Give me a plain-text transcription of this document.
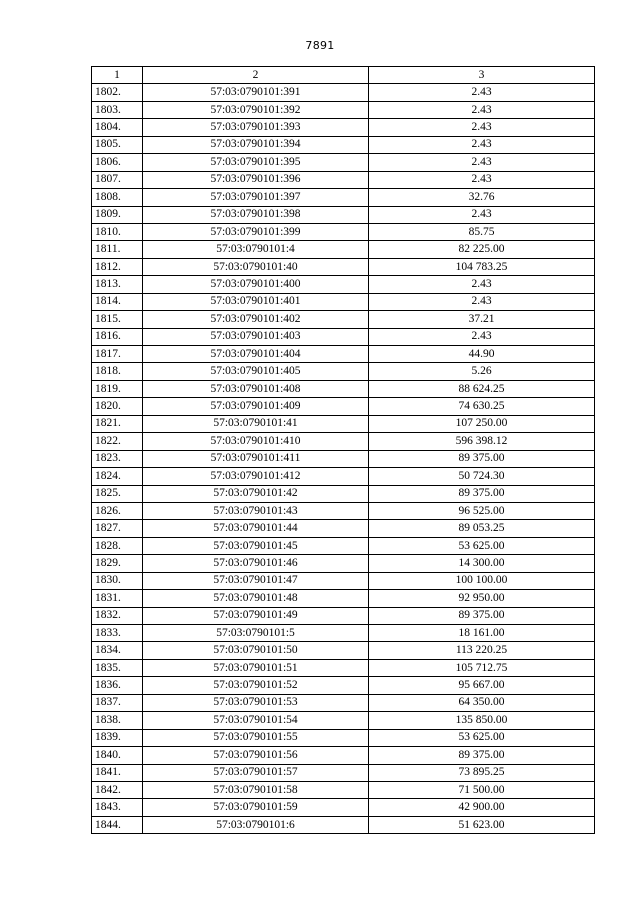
7891
1	2	3
1802.	57:03:0790101:391	2.43
1803.	57:03:0790101:392	2.43
1804.	57:03:0790101:393	2.43
1805.	57:03:0790101:394	2.43
1806.	57:03:0790101:395	2.43
1807.	57:03:0790101:396	2.43
1808.	57:03:0790101:397	32.76
1809.	57:03:0790101:398	2.43
1810.	57:03:0790101:399	85.75
1811.	57:03:0790101:4	82 225.00
1812.	57:03:0790101:40	104 783.25
1813.	57:03:0790101:400	2.43
1814.	57:03:0790101:401	2.43
1815.	57:03:0790101:402	37.21
1816.	57:03:0790101:403	2.43
1817.	57:03:0790101:404	44.90
1818.	57:03:0790101:405	5.26
1819.	57:03:0790101:408	88 624.25
1820.	57:03:0790101:409	74 630.25
1821.	57:03:0790101:41	107 250.00
1822.	57:03:0790101:410	596 398.12
1823.	57:03:0790101:411	89 375.00
1824.	57:03:0790101:412	50 724.30
1825.	57:03:0790101:42	89 375.00
1826.	57:03:0790101:43	96 525.00
1827.	57:03:0790101:44	89 053.25
1828.	57:03:0790101:45	53 625.00
1829.	57:03:0790101:46	14 300.00
1830.	57:03:0790101:47	100 100.00
1831.	57:03:0790101:48	92 950.00
1832.	57:03:0790101:49	89 375.00
1833.	57:03:0790101:5	18 161.00
1834.	57:03:0790101:50	113 220.25
1835.	57:03:0790101:51	105 712.75
1836.	57:03:0790101:52	95 667.00
1837.	57:03:0790101:53	64 350.00
1838.	57:03:0790101:54	135 850.00
1839.	57:03:0790101:55	53 625.00
1840.	57:03:0790101:56	89 375.00
1841.	57:03:0790101:57	73 895.25
1842.	57:03:0790101:58	71 500.00
1843.	57:03:0790101:59	42 900.00
1844.	57:03:0790101:6	51 623.00
